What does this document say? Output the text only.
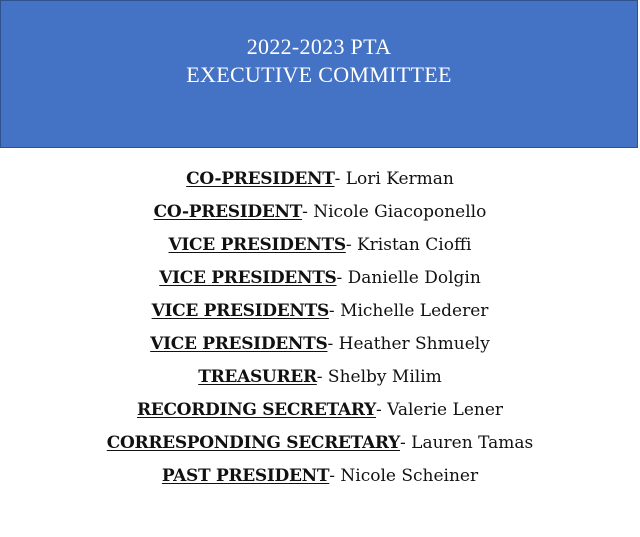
2022-2023 PTA
EXECUTIVE COMMITTEE
CO-PRESIDENT- Lori Kerman
CO-PRESIDENT- Nicole Giacoponello
VICE PRESIDENTS- Kristan Cioffi
VICE PRESIDENTS- Danielle Dolgin
VICE PRESIDENTS- Michelle Lederer
VICE PRESIDENTS- Heather Shmuely
TREASURER- Shelby Milim
RECORDING SECRETARY- Valerie Lener
CORRESPONDING SECRETARY- Lauren Tamas
PAST PRESIDENT- Nicole Scheiner
